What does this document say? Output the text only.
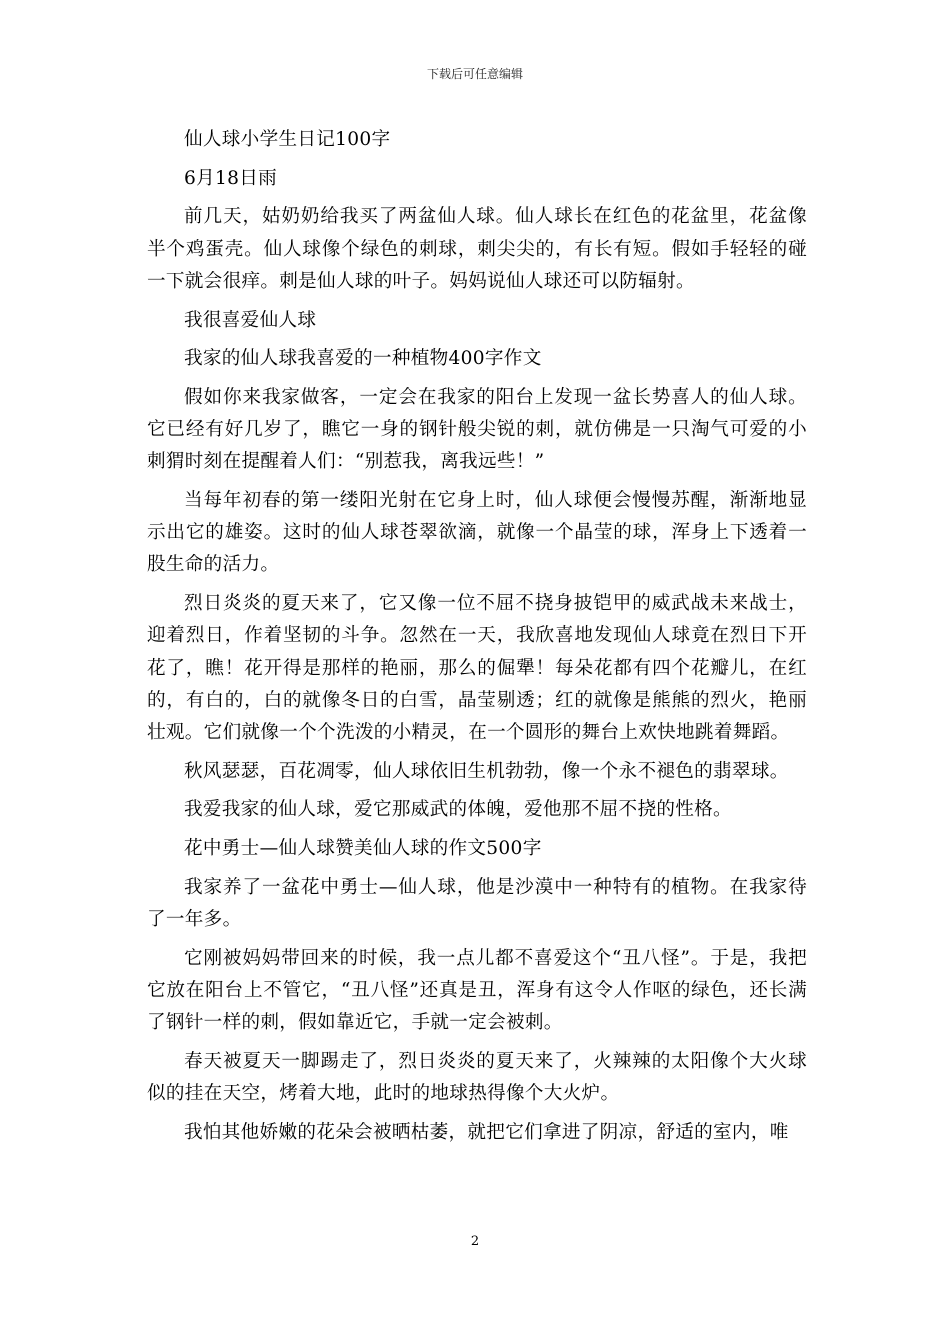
下载后可任意编辑

仙人球小学生日记100字

6月18日雨

前几天，姑奶奶给我买了两盆仙人球。仙人球长在红色的花盆里，花盆像半个鸡蛋壳。仙人球像个绿色的刺球，刺尖尖的，有长有短。假如手轻轻的碰一下就会很痒。刺是仙人球的叶子。妈妈说仙人球还可以防辐射。

我很喜爱仙人球

我家的仙人球我喜爱的一种植物400字作文

假如你来我家做客，一定会在我家的阳台上发现一盆长势喜人的仙人球。它已经有好几岁了，瞧它一身的钢针般尖锐的刺，就仿佛是一只淘气可爱的小刺猬时刻在提醒着人们：“别惹我，离我远些！”

当每年初春的第一缕阳光射在它身上时，仙人球便会慢慢苏醒，渐渐地显示出它的雄姿。这时的仙人球苍翠欲滴，就像一个晶莹的球，浑身上下透着一股生命的活力。

烈日炎炎的夏天来了，它又像一位不屈不挠身披铠甲的威武战未来战士，迎着烈日，作着坚韧的斗争。忽然在一天，我欣喜地发现仙人球竟在烈日下开花了，瞧！花开得是那样的艳丽，那么的倔犟！每朵花都有四个花瓣儿，在红的，有白的，白的就像冬日的白雪，晶莹剔透；红的就像是熊熊的烈火，艳丽壮观。它们就像一个个洗泼的小精灵，在一个圆形的舞台上欢快地跳着舞蹈。

秋风瑟瑟，百花凋零，仙人球依旧生机勃勃，像一个永不褪色的翡翠球。

我爱我家的仙人球，爱它那威武的体魄，爱他那不屈不挠的性格。

花中勇士—仙人球赞美仙人球的作文500字

我家养了一盆花中勇士—仙人球，他是沙漠中一种特有的植物。在我家待了一年多。

它刚被妈妈带回来的时候，我一点儿都不喜爱这个“丑八怪”。于是，我把它放在阳台上不管它，“丑八怪”还真是丑，浑身有这令人作呕的绿色，还长满了钢针一样的刺，假如靠近它，手就一定会被刺。

春天被夏天一脚踢走了，烈日炎炎的夏天来了，火辣辣的太阳像个大火球似的挂在天空，烤着大地，此时的地球热得像个大火炉。

我怕其他娇嫩的花朵会被晒枯萎，就把它们拿进了阴凉，舒适的室内，唯

2
